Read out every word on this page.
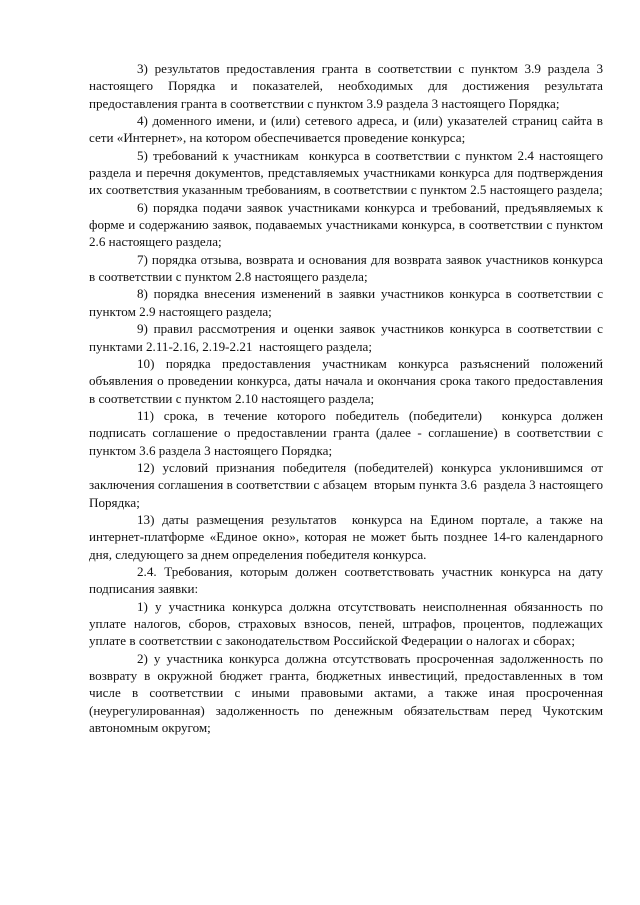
3) результатов предоставления гранта в соответствии с пунктом 3.9 раздела 3  настоящего Порядка и показателей, необходимых для достижения результата предоставления гранта в соответствии с пунктом 3.9 раздела 3 настоящего Порядка;

4) доменного имени, и (или) сетевого адреса, и (или) указателей страниц сайта в сети «Интернет», на котором обеспечивается проведение конкурса;

5) требований к участникам  конкурса в соответствии с пунктом 2.4 настоящего раздела и перечня документов, представляемых участниками конкурса для подтверждения их соответствия указанным требованиям, в соответствии с пунктом 2.5 настоящего раздела;

6) порядка подачи заявок участниками конкурса и требований, предъявляемых к форме и содержанию заявок, подаваемых участниками конкурса, в соответствии с пунктом 2.6 настоящего раздела;

7) порядка отзыва, возврата и основания для возврата заявок участников конкурса в соответствии с пунктом 2.8 настоящего раздела;

8) порядка внесения изменений в заявки участников конкурса в соответствии с пунктом 2.9 настоящего раздела;

9) правил рассмотрения и оценки заявок участников конкурса в соответствии с пунктами 2.11-2.16, 2.19-2.21  настоящего раздела;

10) порядка предоставления участникам конкурса разъяснений положений объявления о проведении конкурса, даты начала и окончания срока такого предоставления в соответствии с пунктом 2.10 настоящего раздела;

11) срока, в течение которого победитель (победители)  конкурса должен подписать соглашение о предоставлении гранта (далее - соглашение) в соответствии с пунктом 3.6 раздела 3 настоящего Порядка;

12) условий признания победителя (победителей) конкурса уклонившимся от заключения соглашения в соответствии с абзацем  вторым пункта 3.6  раздела 3 настоящего Порядка;

13) даты размещения результатов  конкурса на Едином портале, а также на интернет-платформе «Единое окно», которая не может быть позднее 14-го календарного дня, следующего за днем определения победителя конкурса.

2.4. Требования, которым должен соответствовать участник конкурса на дату подписания заявки:

1) у участника конкурса должна отсутствовать неисполненная обязанность по уплате налогов, сборов, страховых взносов, пеней, штрафов, процентов, подлежащих уплате в соответствии с законодательством Российской Федерации о налогах и сборах;

2) у участника конкурса должна отсутствовать просроченная задолженность по возврату в окружной бюджет гранта, бюджетных инвестиций, предоставленных в том числе в соответствии с иными правовыми актами, а также иная просроченная (неурегулированная) задолженность по денежным обязательствам перед Чукотским автономным округом;
